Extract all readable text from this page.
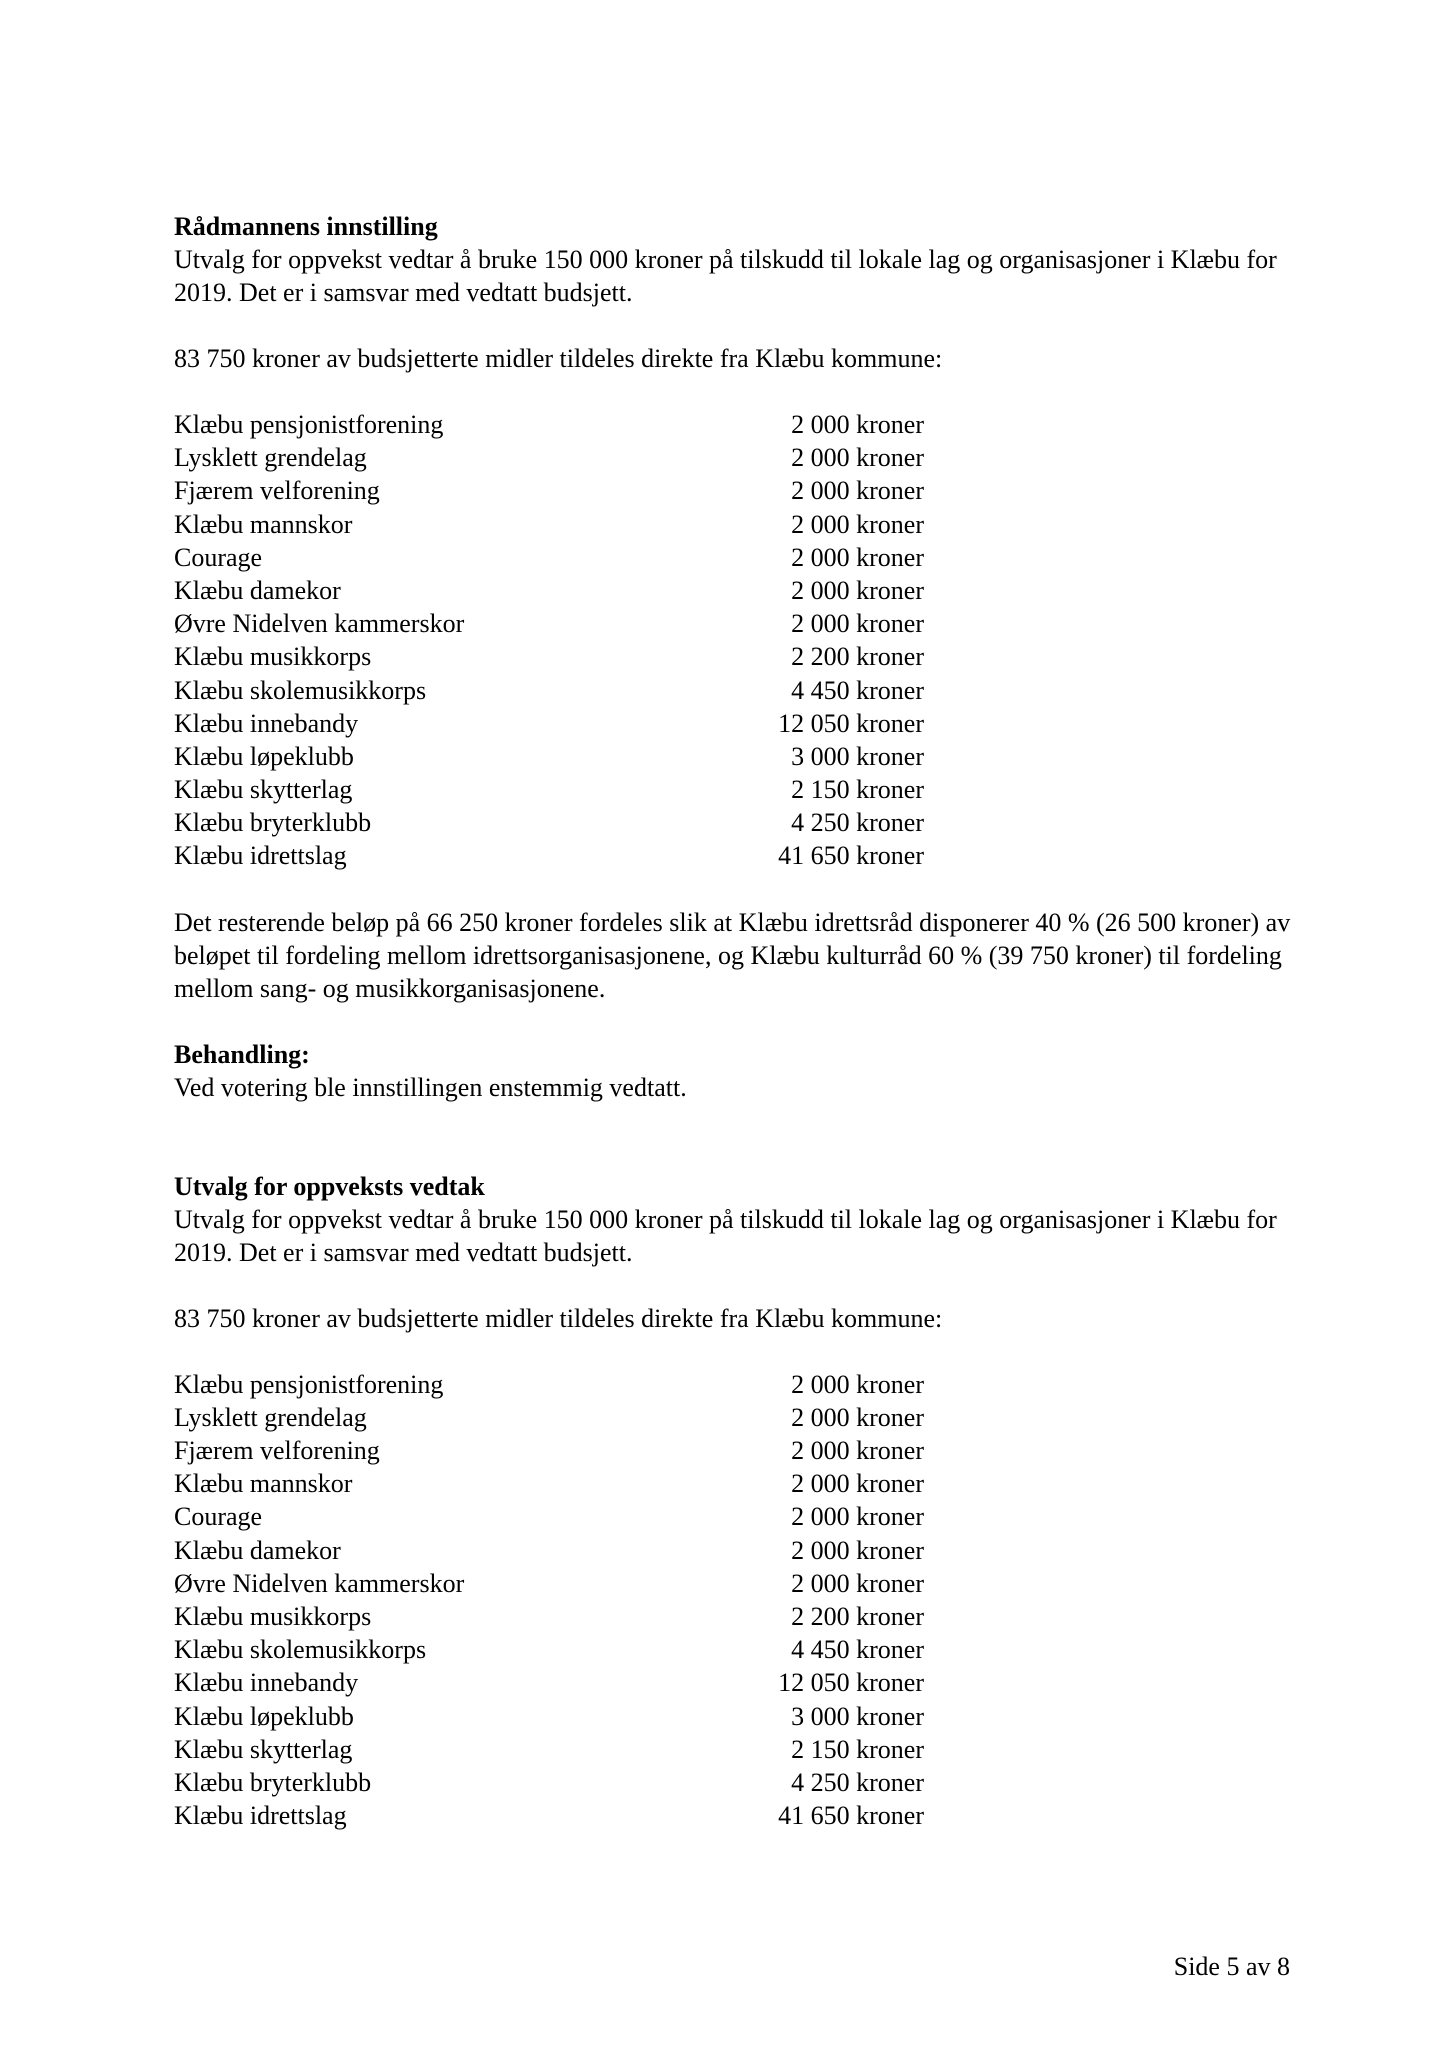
Rådmannens innstilling

Utvalg for oppvekst vedtar å bruke 150 000 kroner på tilskudd til lokale lag og organisasjoner i Klæbu for 2019. Det er i samsvar med vedtatt budsjett.

83 750 kroner av budsjetterte midler tildeles direkte fra Klæbu kommune:

Klæbu pensjonistforening	2 000 kroner
Lysklett grendelag	2 000 kroner
Fjærem velforening	2 000 kroner
Klæbu mannskor	2 000 kroner
Courage	2 000 kroner
Klæbu damekor	2 000 kroner
Øvre Nidelven kammerskor	2 000 kroner
Klæbu musikkorps	2 200 kroner
Klæbu skolemusikkorps	4 450 kroner
Klæbu innebandy	12 050 kroner
Klæbu løpeklubb	3 000 kroner
Klæbu skytterlag	2 150 kroner
Klæbu bryterklubb	4 250 kroner
Klæbu idrettslag	41 650 kroner

Det resterende beløp på 66 250 kroner fordeles slik at Klæbu idrettsråd disponerer 40 % (26 500 kroner) av beløpet til fordeling mellom idrettsorganisasjonene, og Klæbu kulturråd 60 % (39 750 kroner) til fordeling mellom sang- og musikkorganisasjonene.

Behandling:

Ved votering ble innstillingen enstemmig vedtatt.

Utvalg for oppveksts vedtak

Utvalg for oppvekst vedtar å bruke 150 000 kroner på tilskudd til lokale lag og organisasjoner i Klæbu for 2019. Det er i samsvar med vedtatt budsjett.

83 750 kroner av budsjetterte midler tildeles direkte fra Klæbu kommune:

Klæbu pensjonistforening	2 000 kroner
Lysklett grendelag	2 000 kroner
Fjærem velforening	2 000 kroner
Klæbu mannskor	2 000 kroner
Courage	2 000 kroner
Klæbu damekor	2 000 kroner
Øvre Nidelven kammerskor	2 000 kroner
Klæbu musikkorps	2 200 kroner
Klæbu skolemusikkorps	4 450 kroner
Klæbu innebandy	12 050 kroner
Klæbu løpeklubb	3 000 kroner
Klæbu skytterlag	2 150 kroner
Klæbu bryterklubb	4 250 kroner
Klæbu idrettslag	41 650 kroner
Side 5 av 8
